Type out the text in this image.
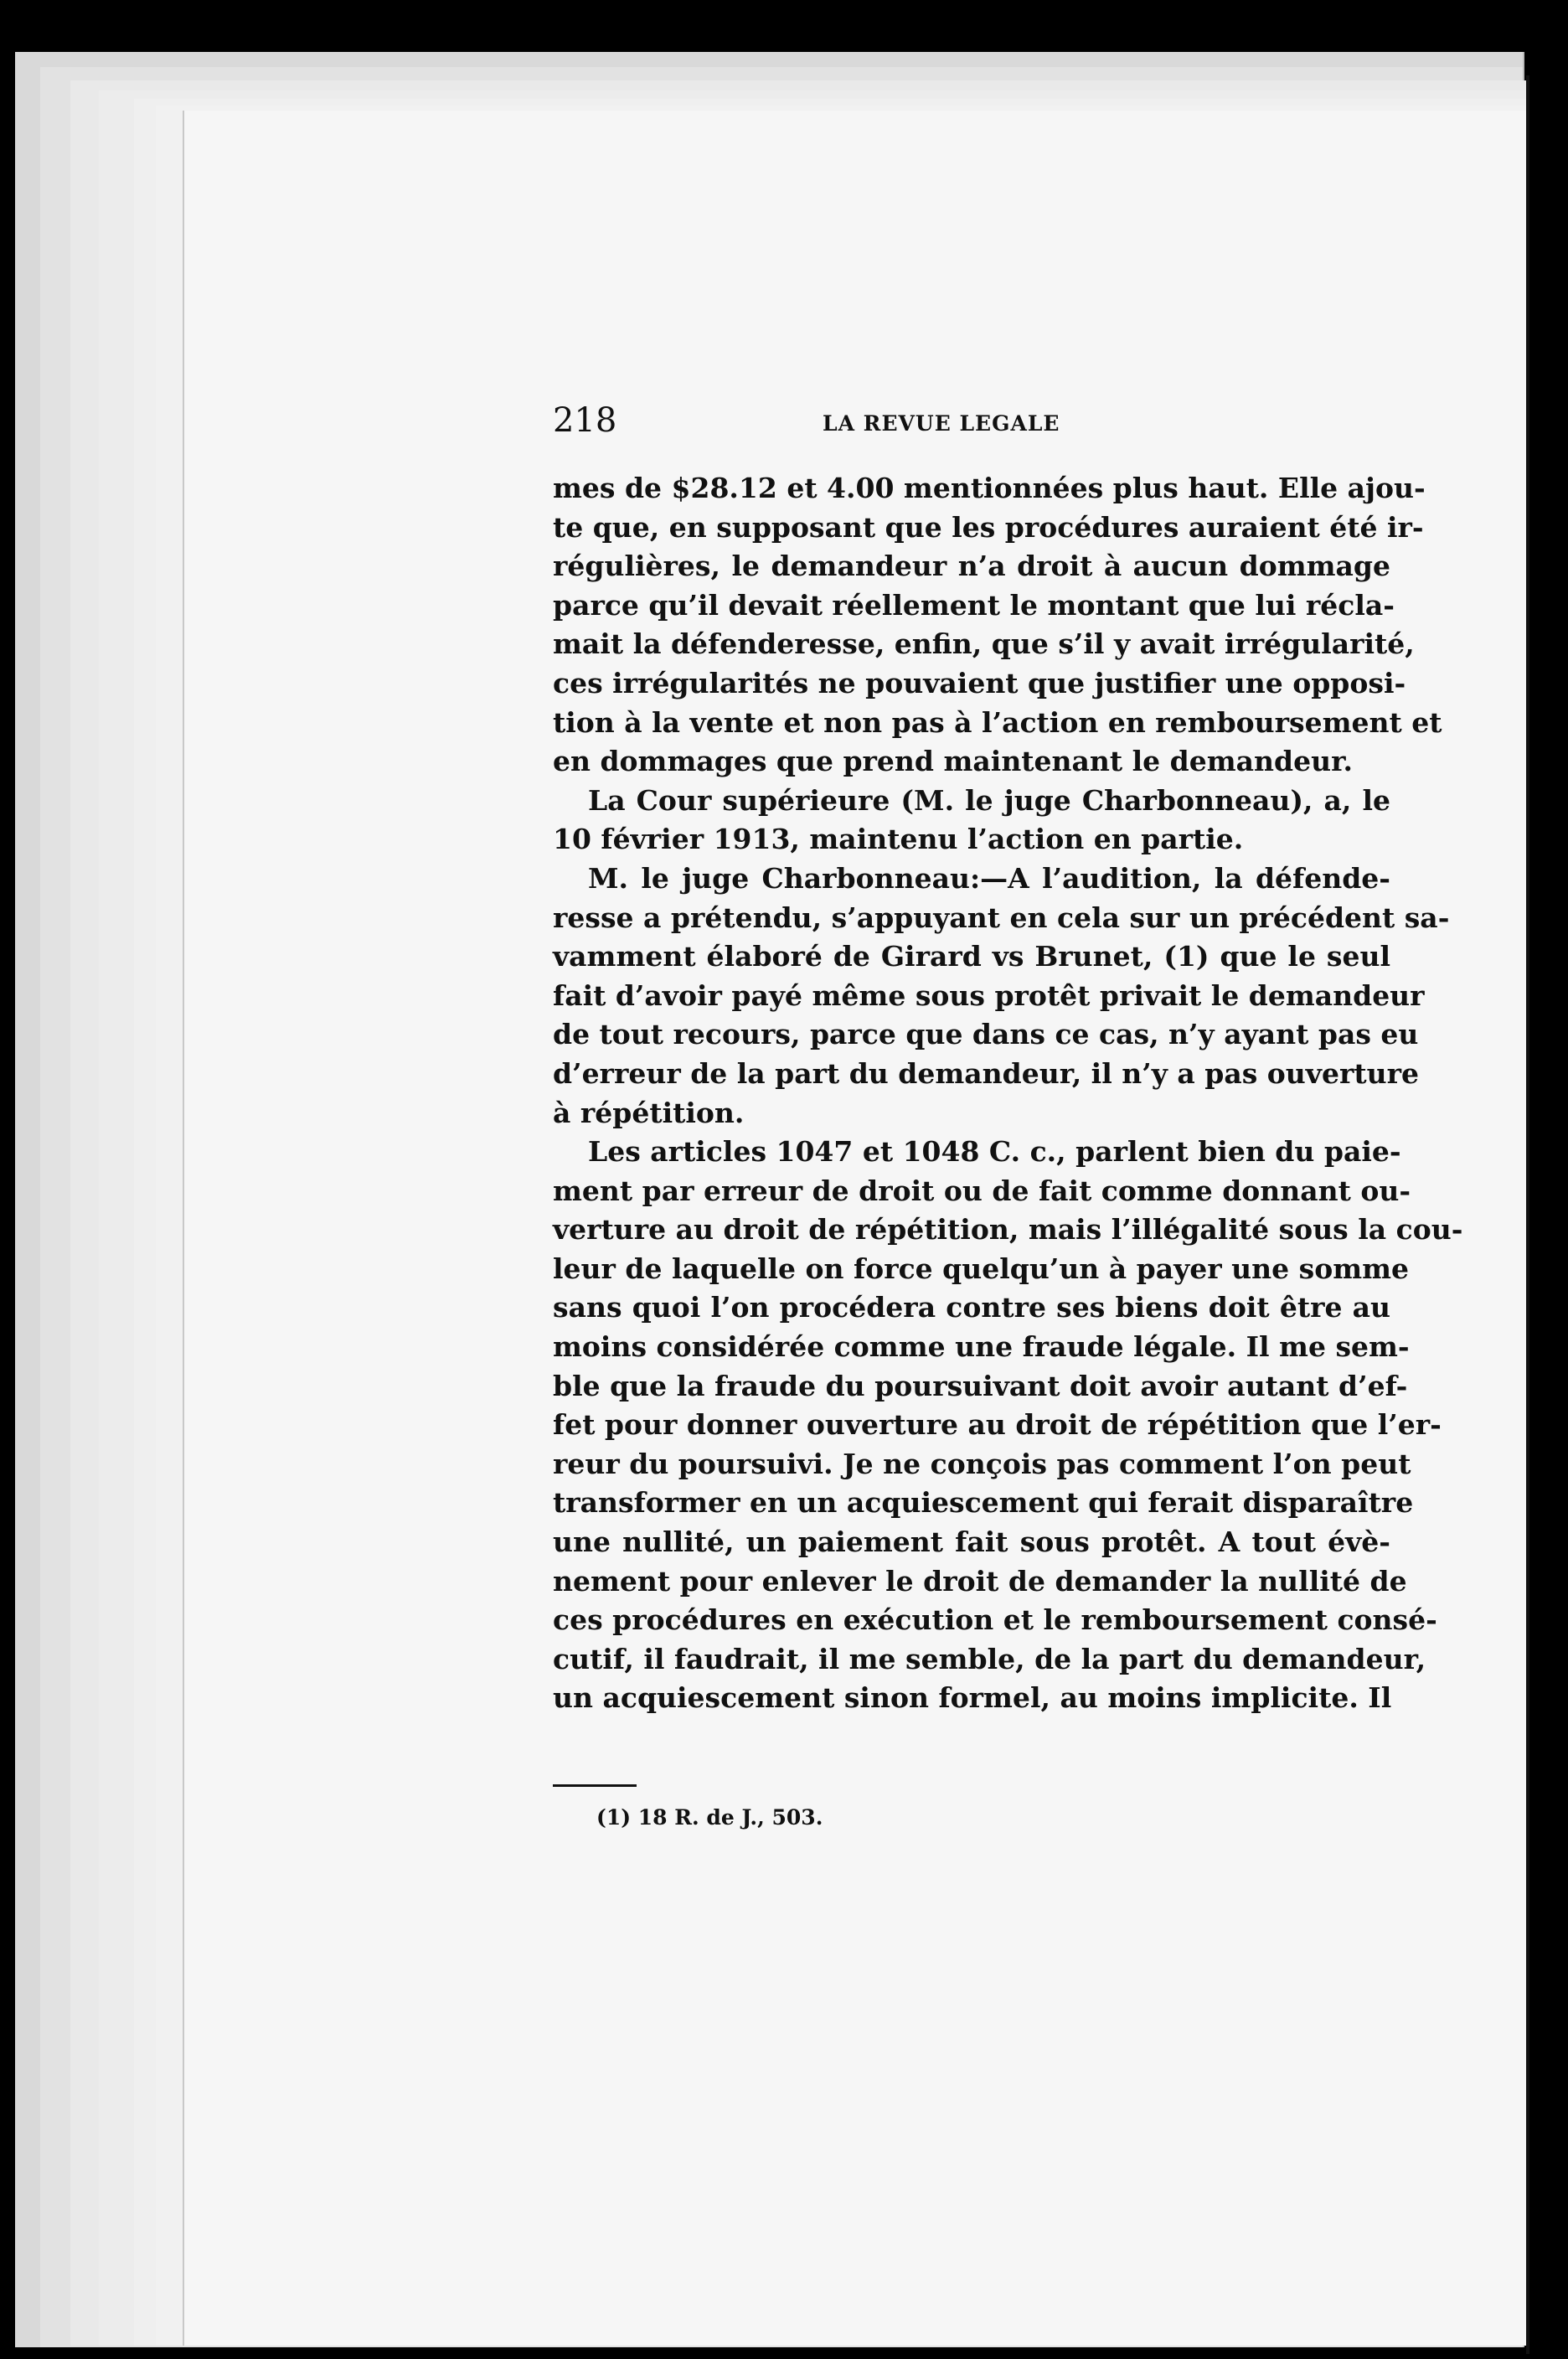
218	LA REVUE LEGALE

mes de $28.12 et 4.00 mentionnées plus haut. Elle ajou-
te que, en supposant que les procédures auraient été ir-
régulières, le demandeur n’a droit à aucun dommage
parce qu’il devait réellement le montant que lui récla-
mait la défenderesse, enfin, que s’il y avait irrégularité,
ces irrégularités ne pouvaient que justifier une opposi-
tion à la vente et non pas à l’action en remboursement et
en dommages que prend maintenant le demandeur.

La Cour supérieure (M. le juge Charbonneau), a, le
10 février 1913, maintenu l’action en partie.

M. le juge Charbonneau:—A l’audition, la défende-
resse a prétendu, s’appuyant en cela sur un précédent sa-
vamment élaboré de Girard vs Brunet, (1) que le seul
fait d’avoir payé même sous protêt privait le demandeur
de tout recours, parce que dans ce cas, n’y ayant pas eu
d’erreur de la part du demandeur, il n’y a pas ouverture
à répétition.

Les articles 1047 et 1048 C. c., parlent bien du paie-
ment par erreur de droit ou de fait comme donnant ou-
verture au droit de répétition, mais l’illégalité sous la cou-
leur de laquelle on force quelqu’un à payer une somme
sans quoi l’on procédera contre ses biens doit être au
moins considérée comme une fraude légale. Il me sem-
ble que la fraude du poursuivant doit avoir autant d’ef-
fet pour donner ouverture au droit de répétition que l’er-
reur du poursuivi. Je ne conçois pas comment l’on peut
transformer en un acquiescement qui ferait disparaître
une nullité, un paiement fait sous protêt. A tout évè-
nement pour enlever le droit de demander la nullité de
ces procédures en exécution et le remboursement consé-
cutif, il faudrait, il me semble, de la part du demandeur,
un acquiescement sinon formel, au moins implicite. Il

(1) 18 R. de J., 503.
